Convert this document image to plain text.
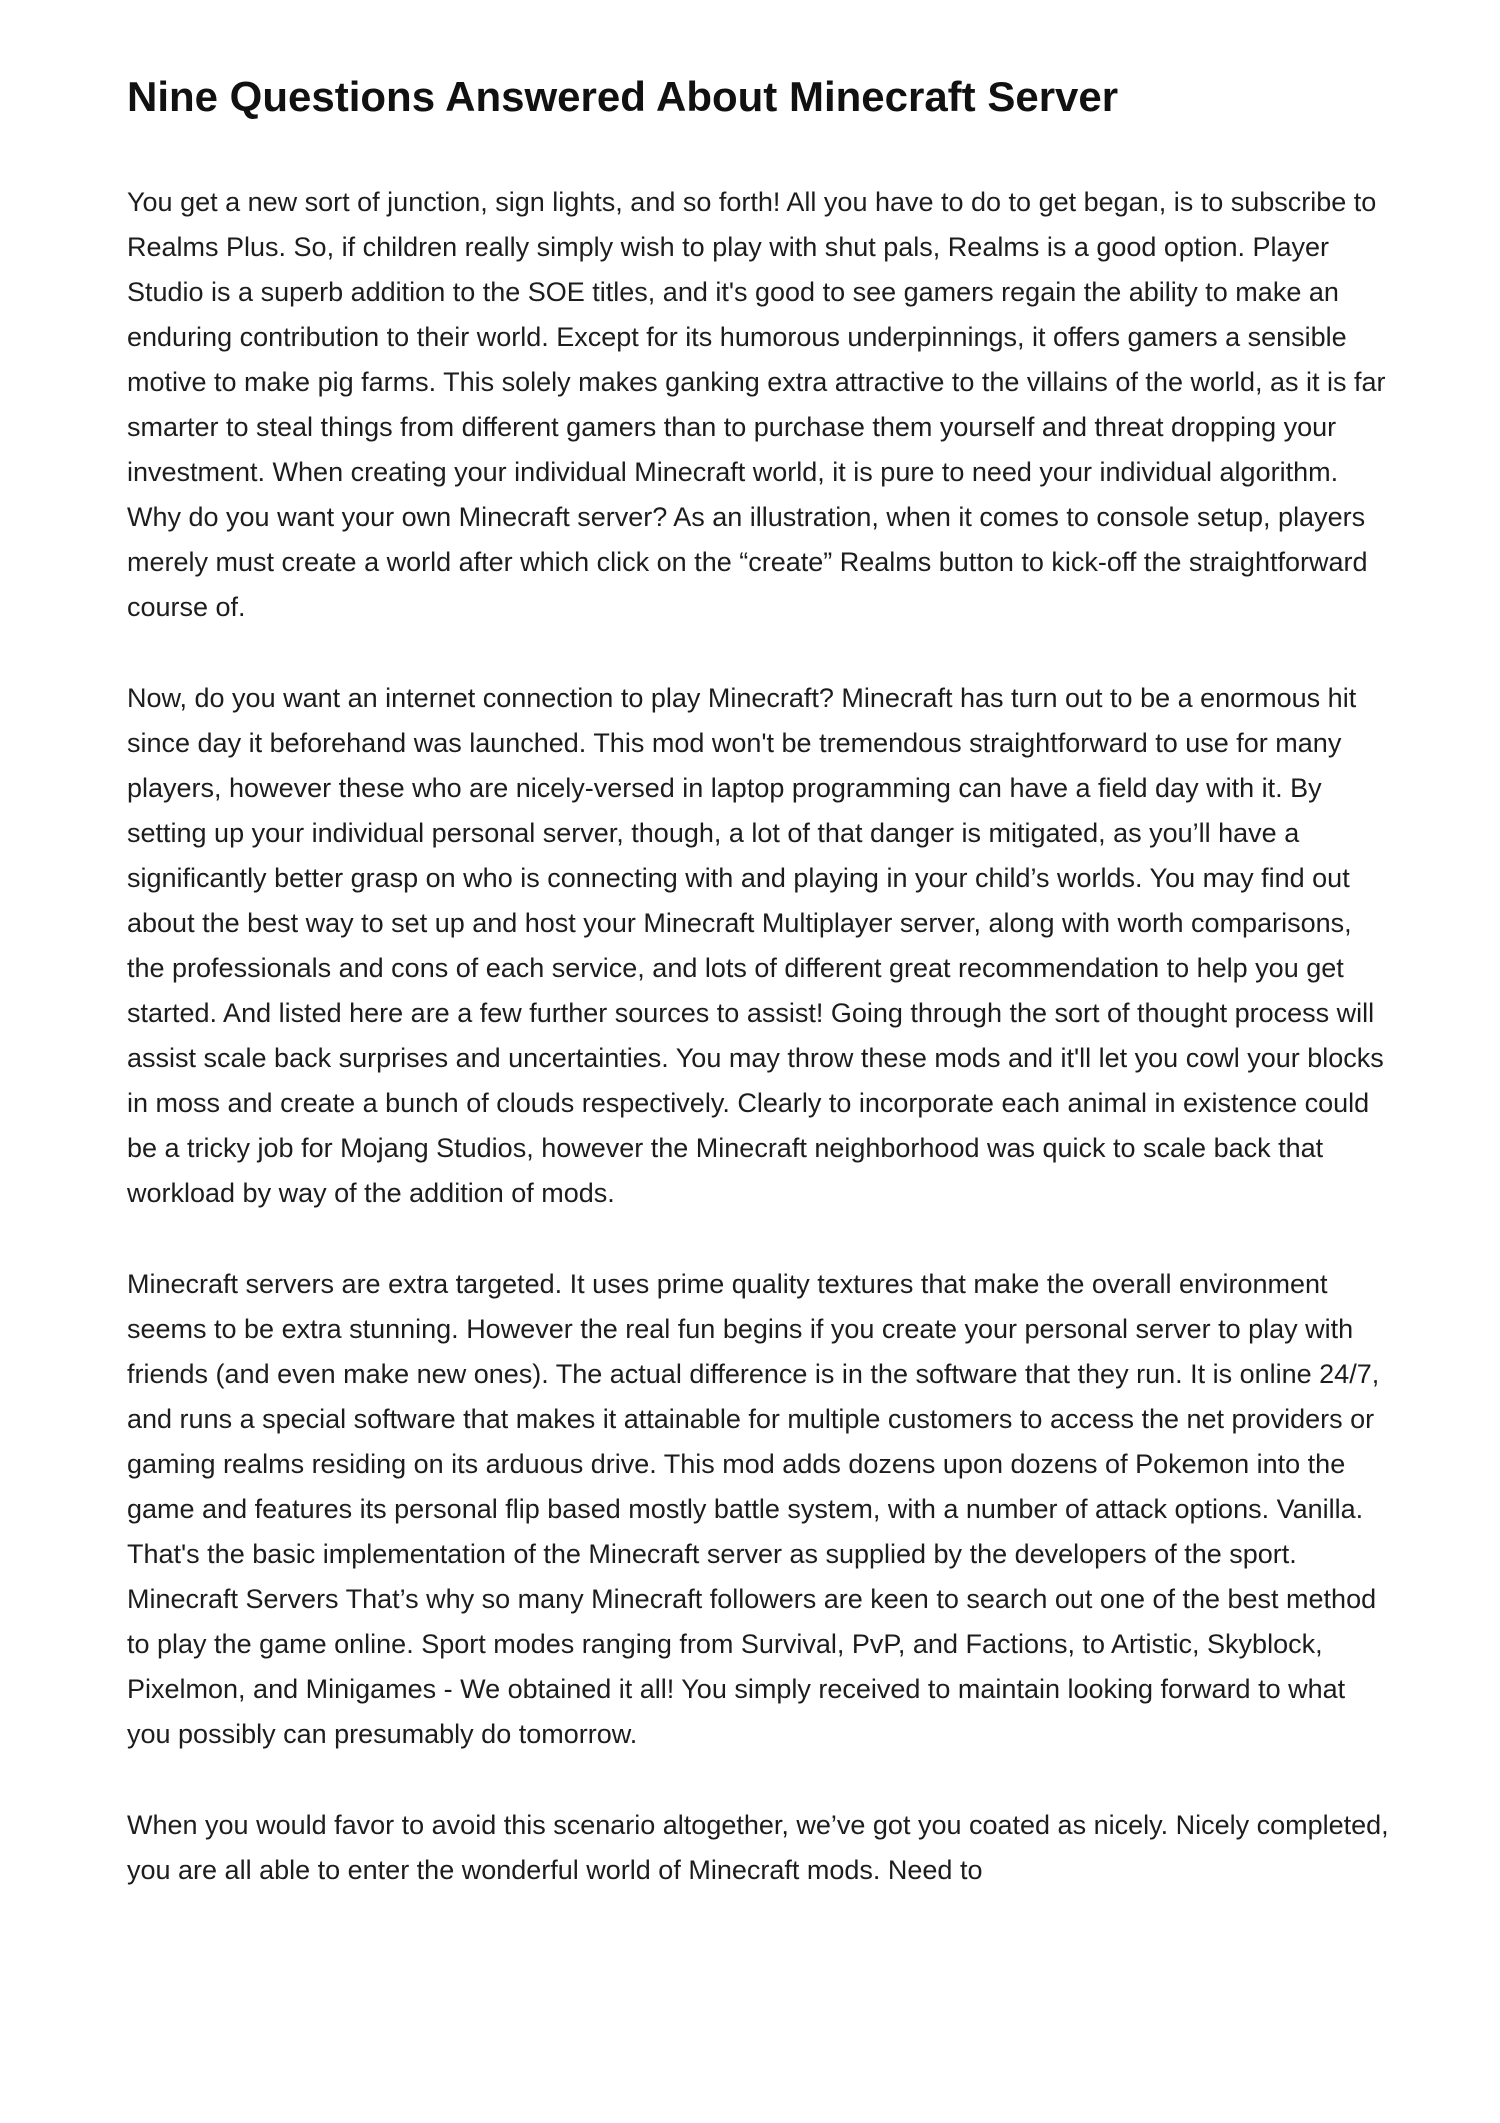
Nine Questions Answered About Minecraft Server

You get a new sort of junction, sign lights, and so forth! All you have to do to get began, is to subscribe to Realms Plus. So, if children really simply wish to play with shut pals, Realms is a good option. Player Studio is a superb addition to the SOE titles, and it's good to see gamers regain the ability to make an enduring contribution to their world. Except for its humorous underpinnings, it offers gamers a sensible motive to make pig farms. This solely makes ganking extra attractive to the villains of the world, as it is far smarter to steal things from different gamers than to purchase them yourself and threat dropping your investment. When creating your individual Minecraft world, it is pure to need your individual algorithm. Why do you want your own Minecraft server? As an illustration, when it comes to console setup, players merely must create a world after which click on the “create” Realms button to kick-off the straightforward course of.

Now, do you want an internet connection to play Minecraft? Minecraft has turn out to be a enormous hit since day it beforehand was launched. This mod won't be tremendous straightforward to use for many players, however these who are nicely-versed in laptop programming can have a field day with it. By setting up your individual personal server, though, a lot of that danger is mitigated, as you’ll have a significantly better grasp on who is connecting with and playing in your child’s worlds. You may find out about the best way to set up and host your Minecraft Multiplayer server, along with worth comparisons, the professionals and cons of each service, and lots of different great recommendation to help you get started. And listed here are a few further sources to assist! Going through the sort of thought process will assist scale back surprises and uncertainties. You may throw these mods and it'll let you cowl your blocks in moss and create a bunch of clouds respectively. Clearly to incorporate each animal in existence could be a tricky job for Mojang Studios, however the Minecraft neighborhood was quick to scale back that workload by way of the addition of mods.

Minecraft servers are extra targeted. It uses prime quality textures that make the overall environment seems to be extra stunning. However the real fun begins if you create your personal server to play with friends (and even make new ones). The actual difference is in the software that they run. It is online 24/7, and runs a special software that makes it attainable for multiple customers to access the net providers or gaming realms residing on its arduous drive. This mod adds dozens upon dozens of Pokemon into the game and features its personal flip based mostly battle system, with a number of attack options. Vanilla. That's the basic implementation of the Minecraft server as supplied by the developers of the sport. Minecraft Servers That’s why so many Minecraft followers are keen to search out one of the best method to play the game online. Sport modes ranging from Survival, PvP, and Factions, to Artistic, Skyblock, Pixelmon, and Minigames - We obtained it all! You simply received to maintain looking forward to what you possibly can presumably do tomorrow.

When you would favor to avoid this scenario altogether, we’ve got you coated as nicely. Nicely completed, you are all able to enter the wonderful world of Minecraft mods. Need to
